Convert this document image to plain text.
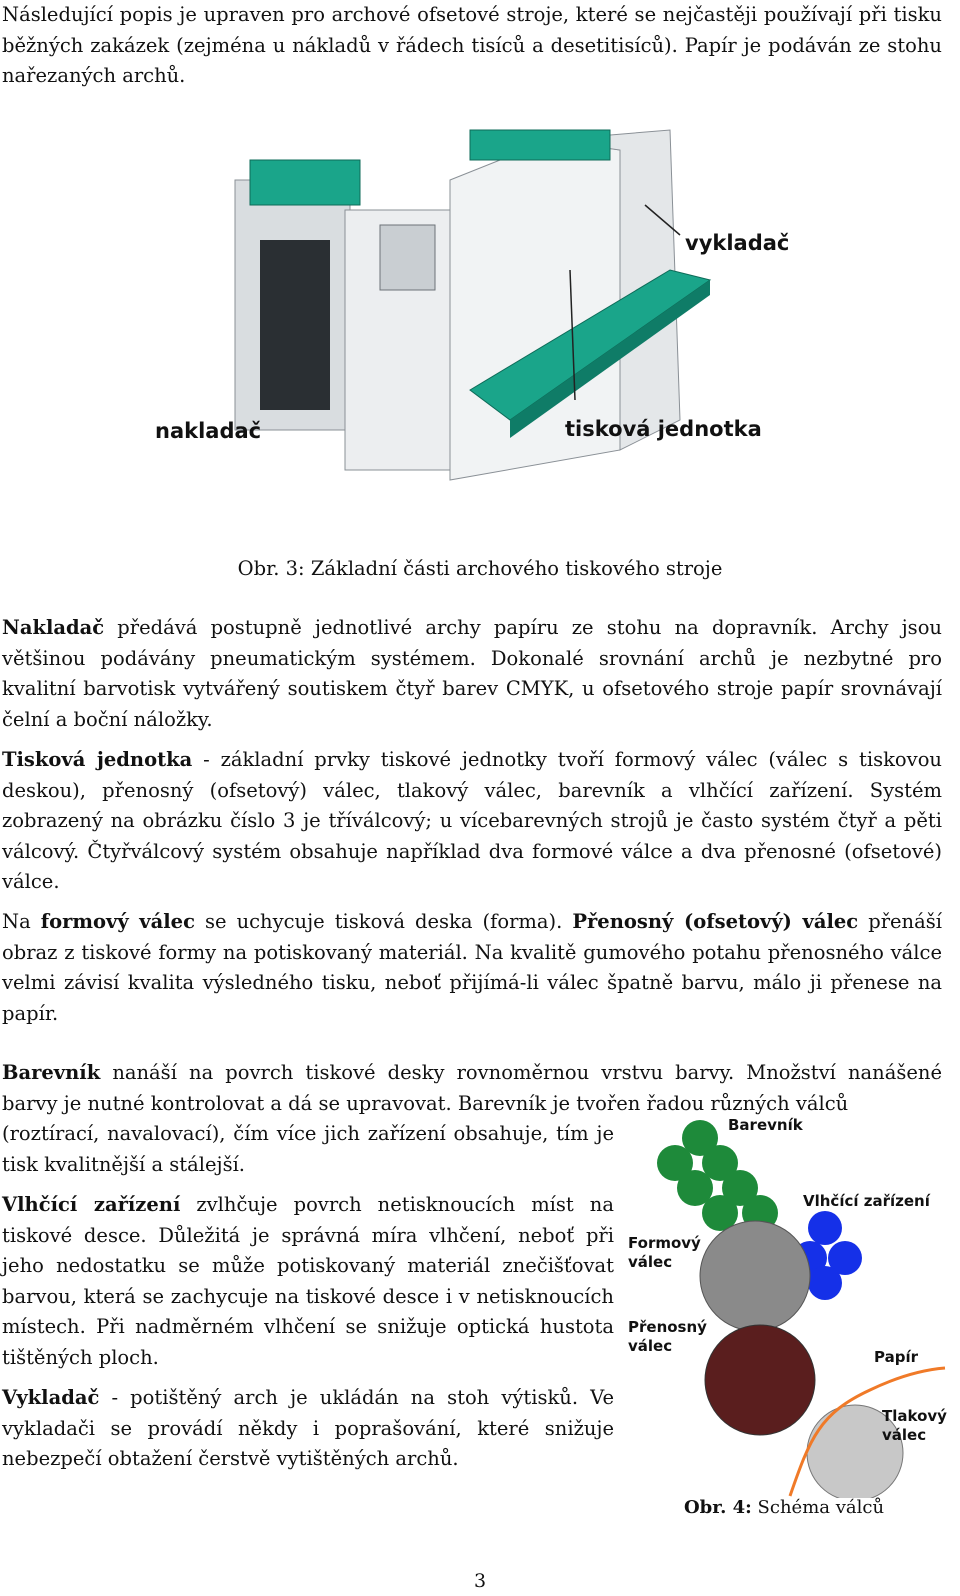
Následující popis je upraven pro archové ofsetové stroje, které se nejčastěji používají při tisku běžných zakázek (zejména u nákladů v řádech tisíců a desetitisíců). Papír je podáván ze stohu nařezaných archů.

vykladač
nakladač	tisková jednotka
Obr. 3: Základní části archového tiskového stroje

Nakladač předává postupně jednotlivé archy papíru ze stohu na dopravník. Archy jsou většinou podávány pneumatickým systémem. Dokonalé srovnání archů je nezbytné pro kvalitní barvotisk vytvářený soutiskem čtyř barev CMYK, u ofsetového stroje papír srovnávají čelní a boční náložky.

Tisková jednotka - základní prvky tiskové jednotky tvoří formový válec (válec s tiskovou deskou), přenosný (ofsetový) válec, tlakový válec, barevník a vlhčící zařízení. Systém zobrazený na obrázku číslo 3 je tříválcový; u vícebarevných strojů je často systém čtyř a pěti válcový. Čtyřválcový systém obsahuje například dva formové válce a dva přenosné (ofsetové) válce.

Na formový válec se uchycuje tisková deska (forma). Přenosný (ofsetový) válec přenáší obraz z tiskové formy na potiskovaný materiál. Na kvalitě gumového potahu přenosného válce velmi závisí kvalita výsledného tisku, neboť přijímá-li válec špatně barvu, málo ji přenese na papír.

Barevník nanáší na povrch tiskové desky rovnoměrnou vrstvu barvy. Množství nanášené barvy je nutné kontrolovat a dá se upravovat. Barevník je tvořen řadou různých válců

(roztírací, navalovací), čím více jich zařízení obsahuje, tím je tisk kvalitnější a stálejší.

Vlhčící zařízení zvlhčuje povrch netisknoucích míst na tiskové desce. Důležitá je správná míra vlhčení, neboť při jeho nedostatku se může potiskovaný materiál znečišťovat barvou, která se zachycuje na tiskové desce i v netisknoucích místech. Při nadměrném vlhčení se snižuje optická hustota tištěných ploch.

Vykladač - potištěný arch je ukládán na stoh výtisků. Ve vykladači se provádí někdy i poprašování, které snižuje nebezpečí obtažení čerstvě vytištěných archů.

Barevník
Vlhčící zařízení
Formový
válec
Přenosný
válec
Papír
Tlakový
válec
Obr. 4: Schéma válců
3
